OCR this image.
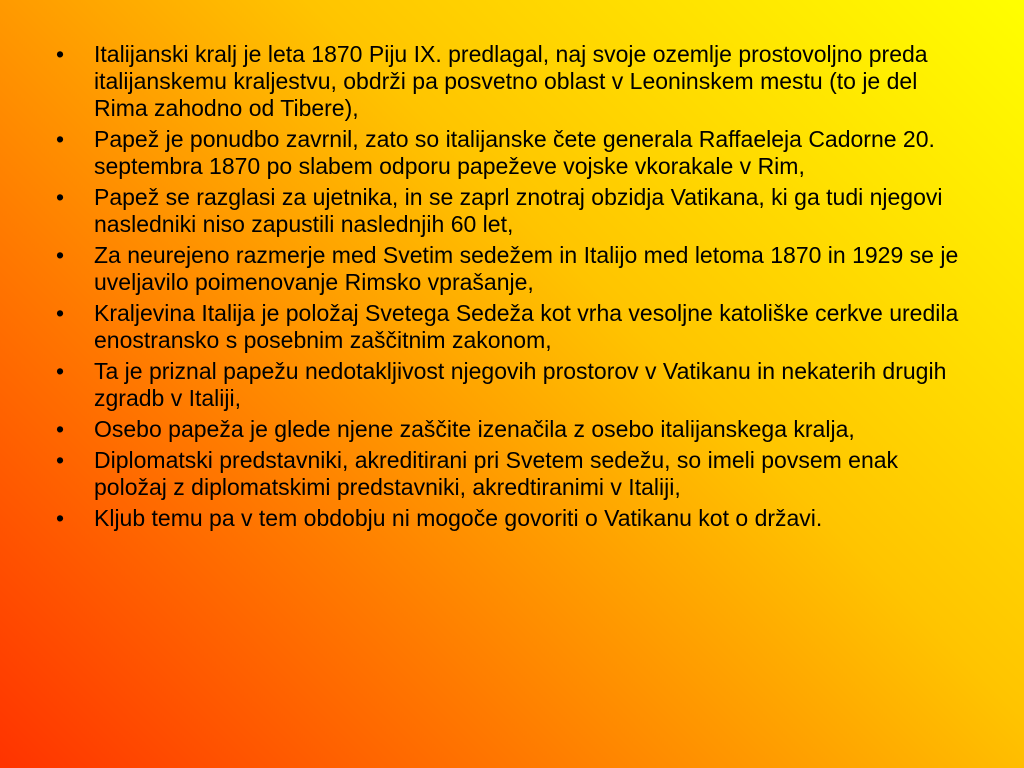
•	Italijanski kralj je leta 1870 Piju IX. predlagal, naj svoje ozemlje prostovoljno preda italijanskemu kraljestvu, obdrži pa posvetno oblast v Leoninskem mestu (to je del Rima zahodno od Tibere),
•	Papež je ponudbo zavrnil, zato so italijanske čete generala Raffaeleja Cadorne 20. septembra 1870 po slabem odporu papeževe vojske vkorakale v Rim,
•	Papež se razglasi za ujetnika, in se zaprl znotraj obzidja Vatikana, ki ga tudi njegovi nasledniki niso zapustili naslednjih 60 let,
•	Za neurejeno razmerje med Svetim sedežem in Italijo med letoma 1870 in 1929 se je uveljavilo poimenovanje Rimsko vprašanje,
•	Kraljevina Italija je položaj Svetega Sedeža kot vrha vesoljne katoliške cerkve uredila enostransko s posebnim zaščitnim zakonom,
•	Ta je priznal papežu nedotakljivost njegovih prostorov v Vatikanu in nekaterih drugih zgradb v Italiji,
•	Osebo papeža je glede njene zaščite izenačila z osebo italijanskega kralja,
•	Diplomatski predstavniki, akreditirani pri Svetem sedežu, so imeli povsem enak položaj z diplomatskimi predstavniki, akredtiranimi v Italiji,
•	Kljub temu pa v tem obdobju ni mogoče govoriti o Vatikanu kot o državi.
